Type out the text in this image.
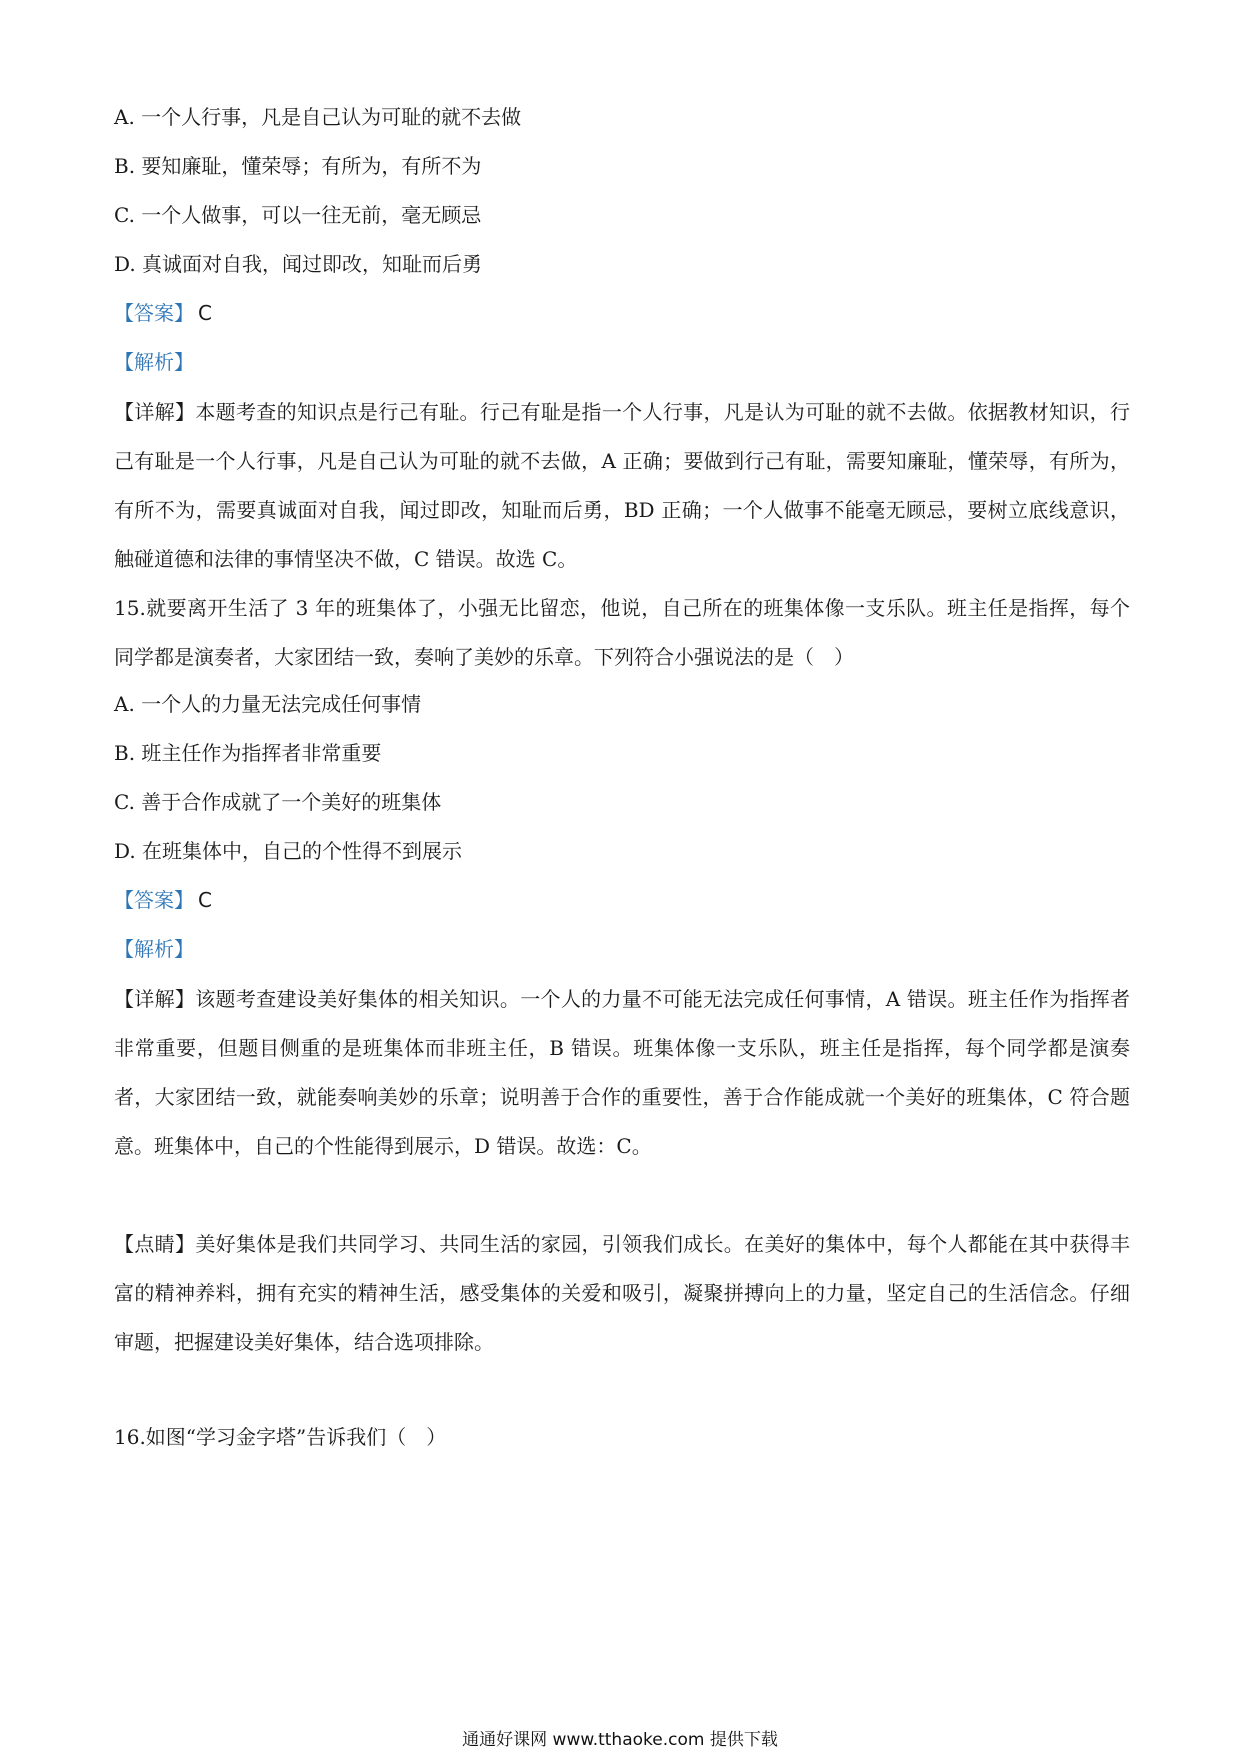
A. 一个人行事，凡是自己认为可耻的就不去做
B. 要知廉耻，懂荣辱；有所为，有所不为
C. 一个人做事，可以一往无前，毫无顾忌
D. 真诚面对自我，闻过即改，知耻而后勇
【答案】 C
【解析】
【详解】本题考查的知识点是行己有耻。行己有耻是指一个人行事，凡是认为可耻的就不去做。依据教材知识，行己有耻是一个人行事，凡是自己认为可耻的就不去做，A 正确；要做到行己有耻，需要知廉耻，懂荣辱，有所为，有所不为，需要真诚面对自我，闻过即改，知耻而后勇，BD 正确；一个人做事不能毫无顾忌，要树立底线意识，触碰道德和法律的事情坚决不做，C 错误。故选 C。
15.就要离开生活了 3 年的班集体了，小强无比留恋，他说，自己所在的班集体像一支乐队。班主任是指挥，每个同学都是演奏者，大家团结一致，奏响了美妙的乐章。下列符合小强说法的是（　）
A. 一个人的力量无法完成任何事情
B. 班主任作为指挥者非常重要
C. 善于合作成就了一个美好的班集体
D. 在班集体中，自己的个性得不到展示
【答案】 C
【解析】
【详解】该题考查建设美好集体的相关知识。一个人的力量不可能无法完成任何事情，A 错误。班主任作为指挥者非常重要，但题目侧重的是班集体而非班主任，B 错误。班集体像一支乐队，班主任是指挥，每个同学都是演奏者，大家团结一致，就能奏响美妙的乐章；说明善于合作的重要性，善于合作能成就一个美好的班集体，C 符合题意。班集体中，自己的个性能得到展示，D 错误。故选：C。
【点睛】美好集体是我们共同学习、共同生活的家园，引领我们成长。在美好的集体中，每个人都能在其中获得丰富的精神养料，拥有充实的精神生活，感受集体的关爱和吸引，凝聚拼搏向上的力量，坚定自己的生活信念。仔细审题，把握建设美好集体，结合选项排除。
16.如图“学习金字塔”告诉我们（　）
通通好课网 www.tthaoke.com 提供下载
